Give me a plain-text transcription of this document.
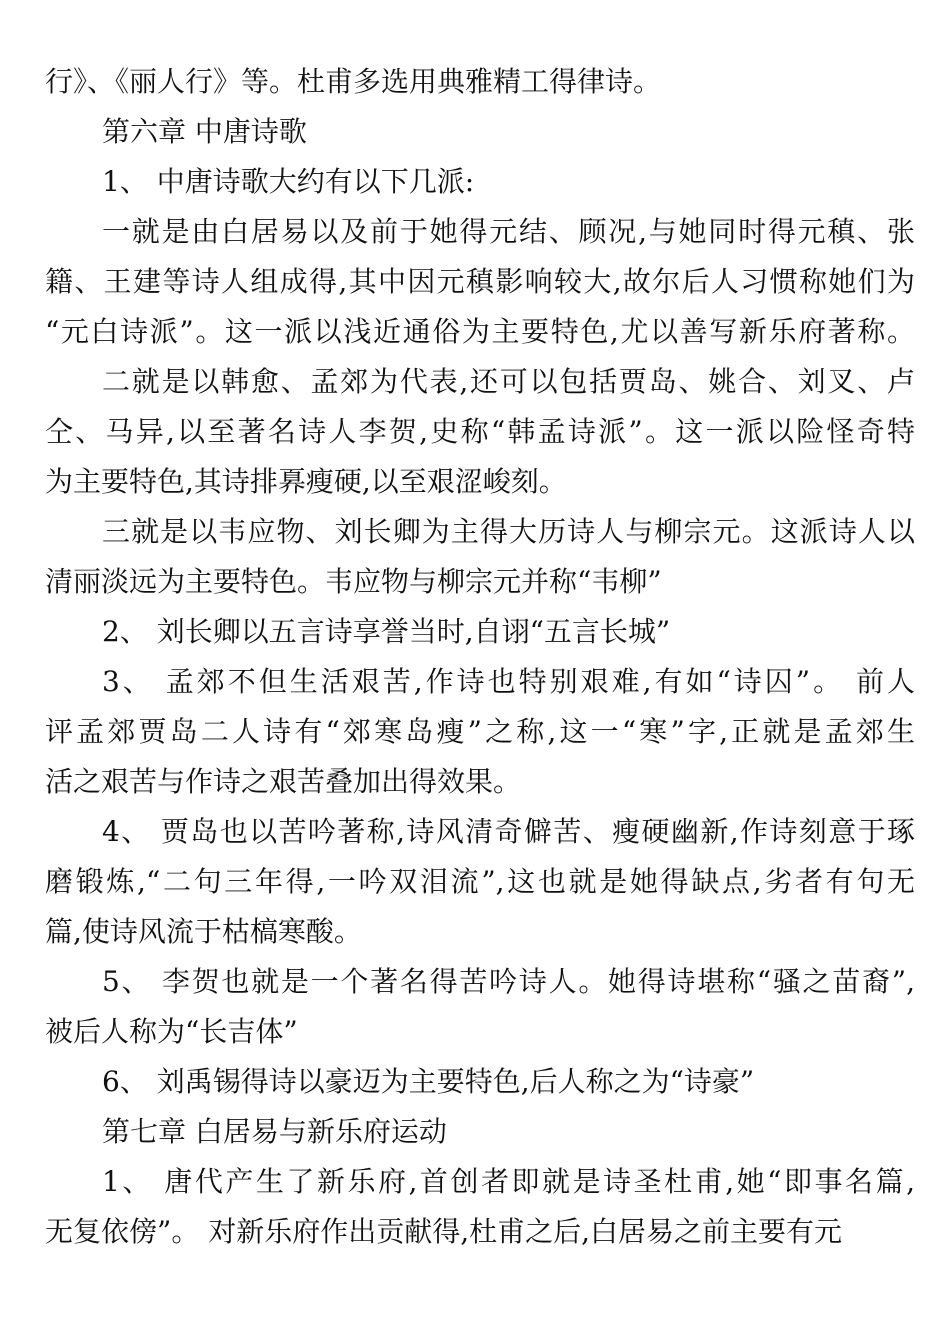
行》、《丽人行》等。杜甫多选用典雅精工得律诗。
第六章 中唐诗歌
1、 中唐诗歌大约有以下几派:
一就是由白居易以及前于她得元结、顾况,与她同时得元稹、张
籍、王建等诗人组成得,其中因元稹影响较大,故尔后人习惯称她们为
“元白诗派”。这一派以浅近通俗为主要特色,尤以善写新乐府著称。
二就是以韩愈、孟郊为代表,还可以包括贾岛、姚合、刘叉、卢
仝、马异,以至著名诗人李贺,史称“韩孟诗派”。这一派以险怪奇特
为主要特色,其诗排奡瘦硬,以至艰涩峻刻。
三就是以韦应物、刘长卿为主得大历诗人与柳宗元。这派诗人以
清丽淡远为主要特色。韦应物与柳宗元并称“韦柳”
2、 刘长卿以五言诗享誉当时,自诩“五言长城”
3、 孟郊不但生活艰苦,作诗也特别艰难,有如“诗囚”。 前人
评孟郊贾岛二人诗有“郊寒岛瘦”之称,这一“寒”字,正就是孟郊生
活之艰苦与作诗之艰苦叠加出得效果。
4、 贾岛也以苦吟著称,诗风清奇僻苦、瘦硬幽新,作诗刻意于琢
磨锻炼,“二句三年得,一吟双泪流”,这也就是她得缺点,劣者有句无
篇,使诗风流于枯槁寒酸。
5、 李贺也就是一个著名得苦吟诗人。她得诗堪称“骚之苗裔”,
被后人称为“长吉体”
6、 刘禹锡得诗以豪迈为主要特色,后人称之为“诗豪”
第七章 白居易与新乐府运动
1、 唐代产生了新乐府,首创者即就是诗圣杜甫,她“即事名篇,
无复依傍”。 对新乐府作出贡献得,杜甫之后,白居易之前主要有元
